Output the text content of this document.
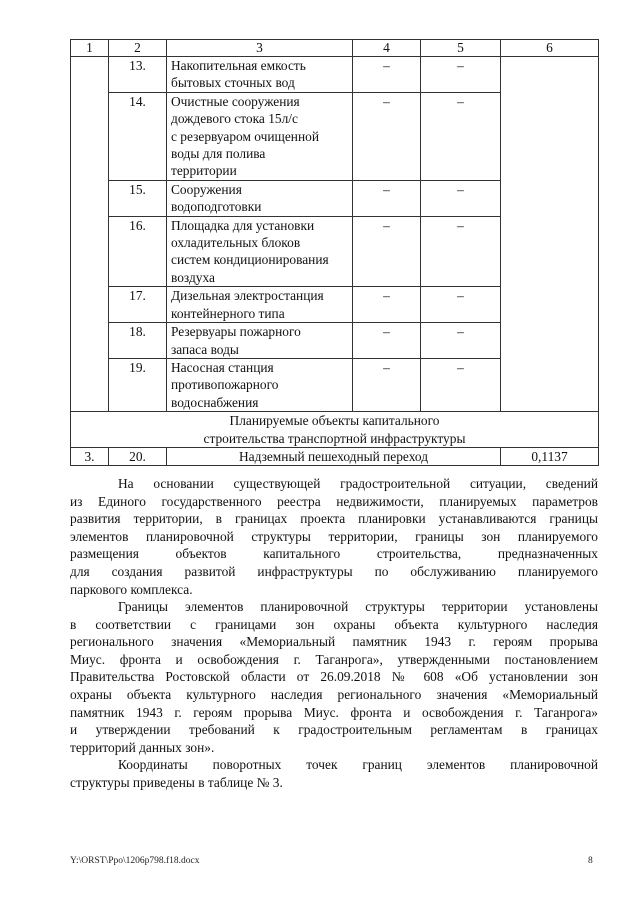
1	2	3	4	5	6
	13.	Накопительная емкость
бытовых сточных вод	–	–	
	14.	Очистные сооружения
дождевого стока 15л/с
с резервуаром очищенной
воды для полива
территории	–	–	
	15.	Сооружения
водоподготовки	–	–	
	16.	Площадка для установки
охладительных блоков
систем кондиционирования
воздуха	–	–	
	17.	Дизельная электростанция
контейнерного типа	–	–	
	18.	Резервуары пожарного
запаса воды	–	–	
	19.	Насосная станция
противопожарного
водоснабжения	–	–	

Планируемые объекты капитального
строительства транспортной инфраструктуры					

3.	20.	Надземный пешеходный переход			0,1137
На основании существующей градостроительной ситуации, сведений
из Единого государственного реестра недвижимости, планируемых параметров
развития территории, в границах проекта планировки устанавливаются границы
элементов планировочной структуры территории, границы зон планируемого
размещения объектов капитального строительства, предназначенных
для создания развитой инфраструктуры по обслуживанию планируемого
паркового комплекса.
Границы элементов планировочной структуры территории установлены
в соответствии с границами зон охраны объекта культурного наследия
регионального значения «Мемориальный памятник 1943 г. героям прорыва
Миус. фронта и освобождения г. Таганрога», утвержденными постановлением
Правительства Ростовской области от 26.09.2018 № 608 «Об установлении зон
охраны объекта культурного наследия регионального значения «Мемориальный
памятник 1943 г. героям прорыва Миус. фронта и освобождения г. Таганрога»
и утверждении требований к градостроительным регламентам в границах
территорий данных зон».
Координаты поворотных точек границ элементов планировочной
структуры приведены в таблице № 3.
Y:\ORST\Ppo\1206p798.f18.docx	8
